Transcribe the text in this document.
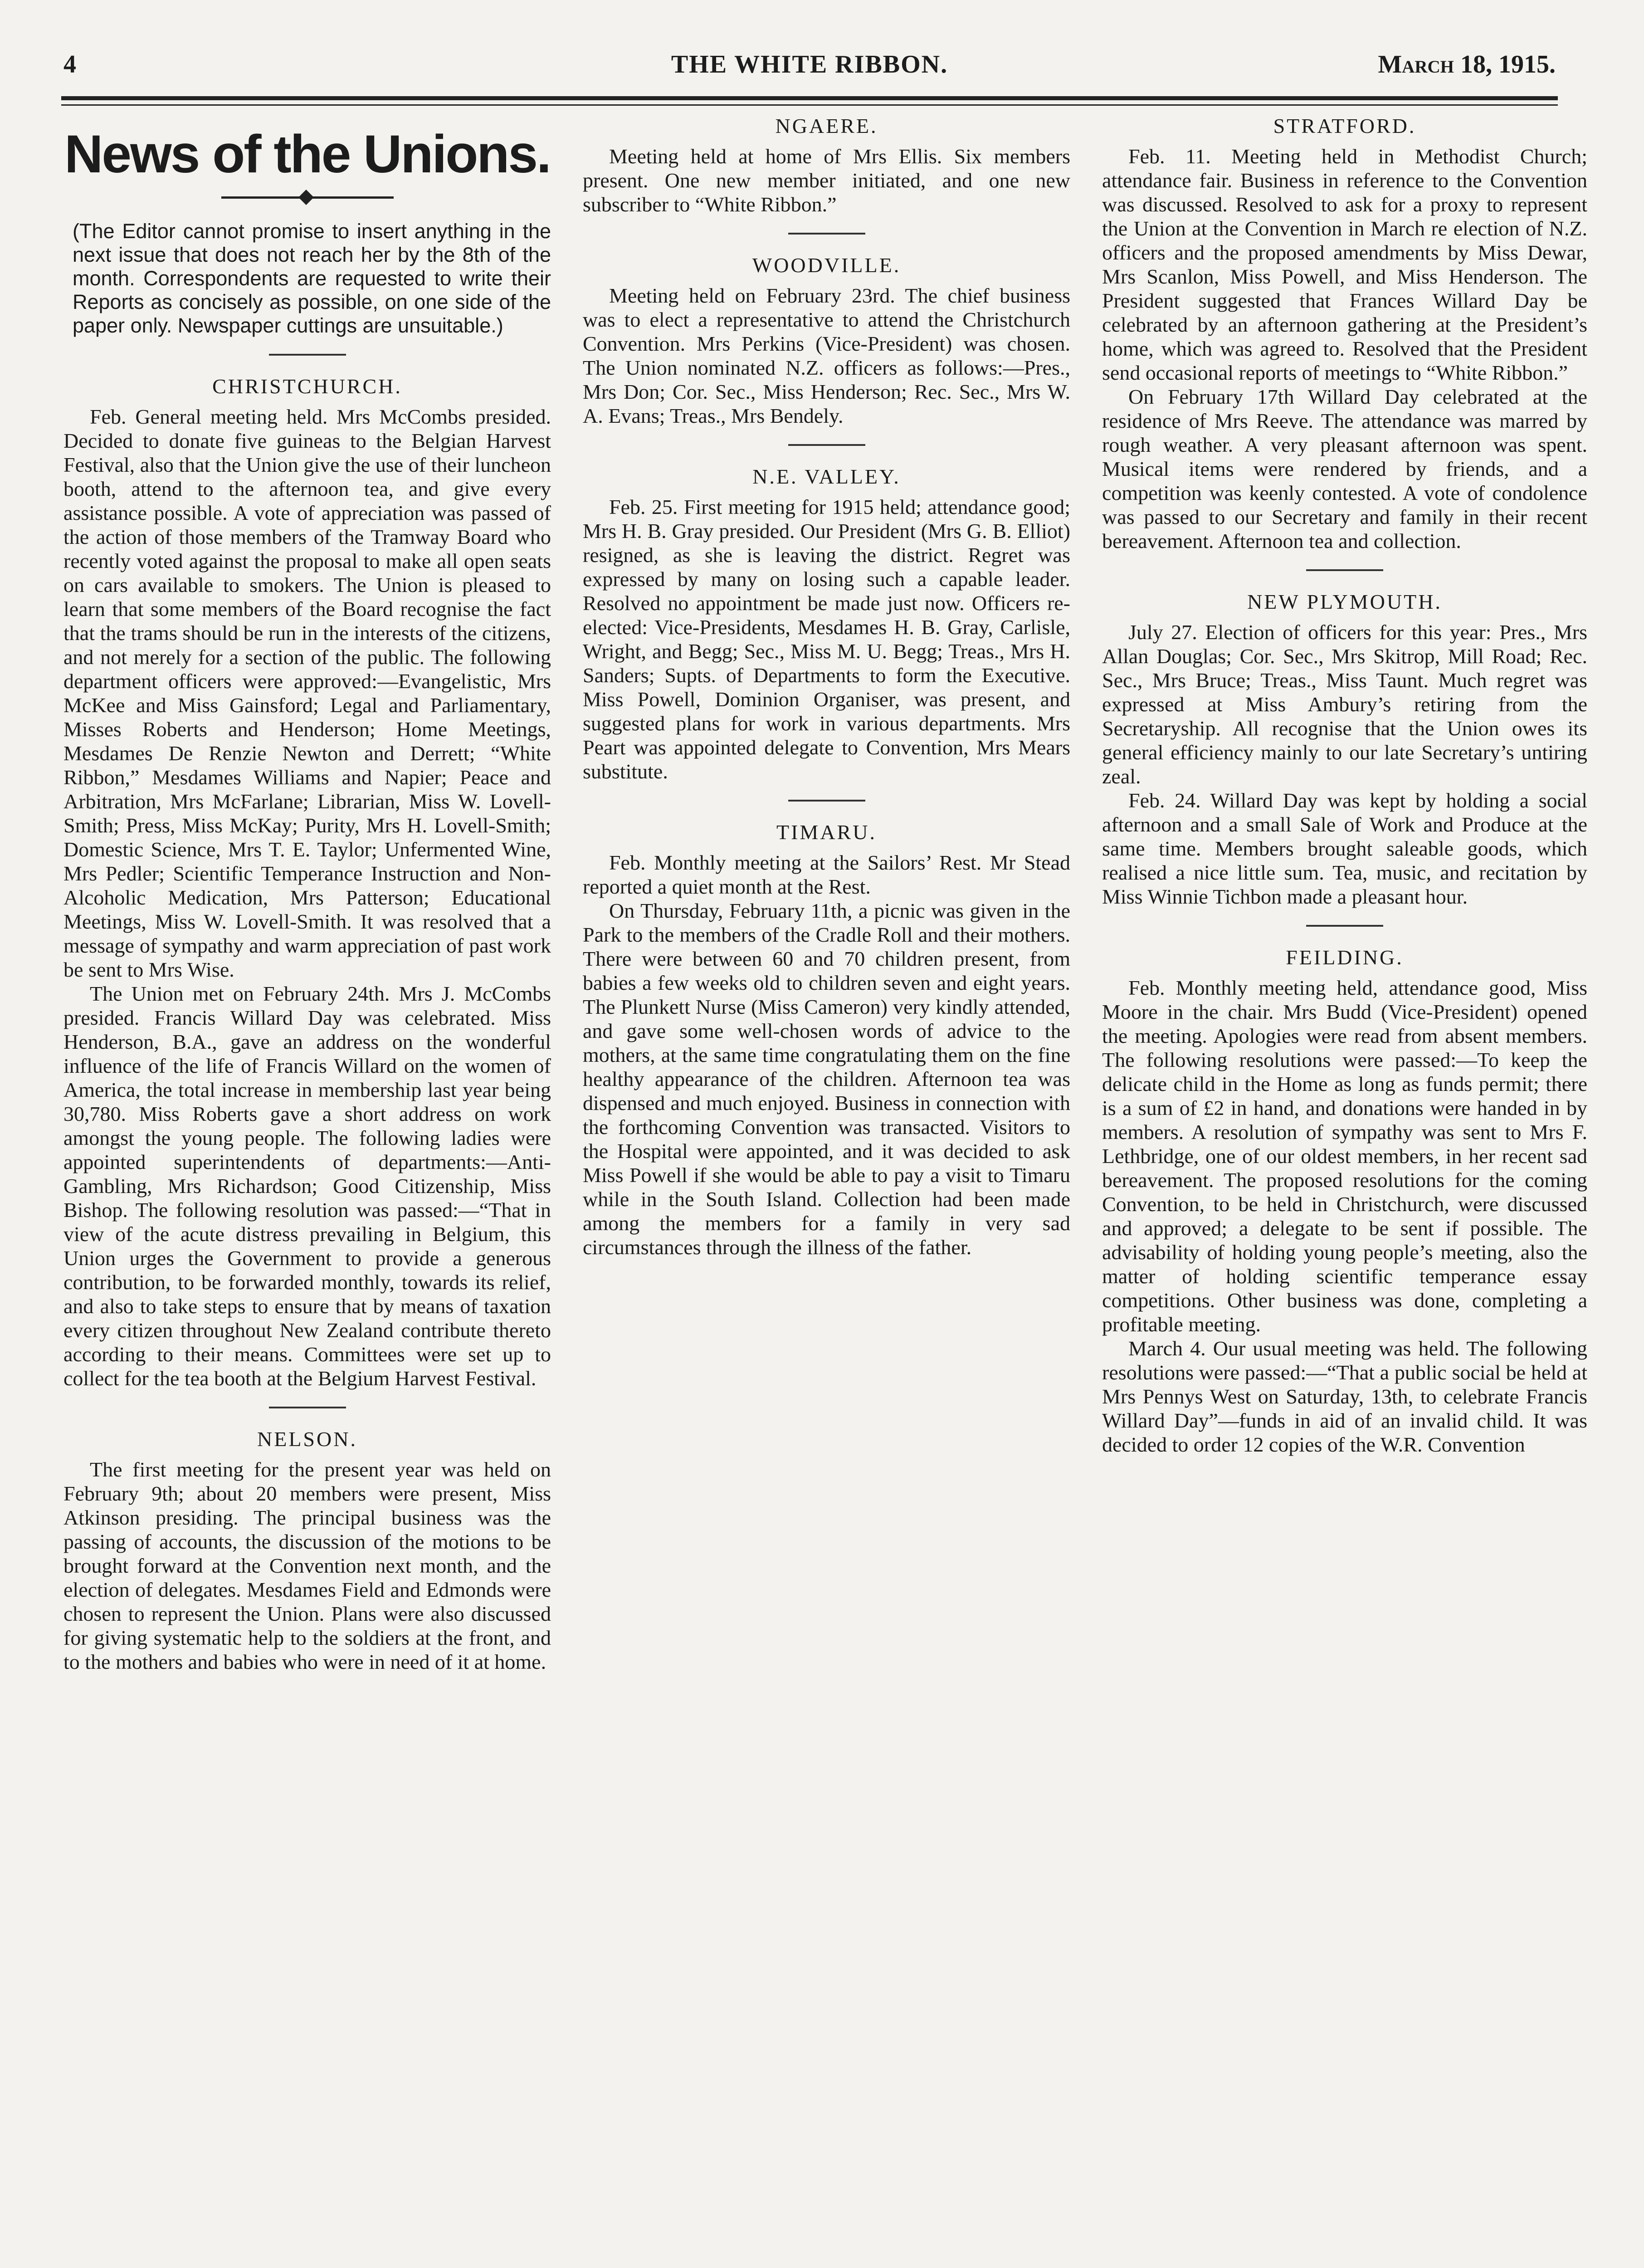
4	THE WHITE RIBBON.	March 18, 1915.
News of the Unions.

(The Editor cannot promise to insert anything in the next issue that does not reach her by the 8th of the month. Correspondents are requested to write their Reports as concisely as possible, on one side of the paper only. Newspaper cuttings are unsuitable.)

CHRISTCHURCH.

Feb. General meeting held. Mrs McCombs presided. Decided to donate five guineas to the Belgian Harvest Festival, also that the Union give the use of their luncheon booth, attend to the afternoon tea, and give every assistance possible. A vote of appreciation was passed of the action of those members of the Tramway Board who recently voted against the proposal to make all open seats on cars available to smokers. The Union is pleased to learn that some members of the Board recognise the fact that the trams should be run in the interests of the citizens, and not merely for a section of the public. The following department officers were approved:—Evangelistic, Mrs McKee and Miss Gainsford; Legal and Parliamentary, Misses Roberts and Henderson; Home Meetings, Mesdames De Renzie Newton and Derrett; “White Ribbon,” Mesdames Williams and Napier; Peace and Arbitration, Mrs McFarlane; Librarian, Miss W. Lovell-Smith; Press, Miss McKay; Purity, Mrs H. Lovell-Smith; Domestic Science, Mrs T. E. Taylor; Unfermented Wine, Mrs Pedler; Scientific Temperance Instruction and Non-Alcoholic Medication, Mrs Patterson; Educational Meetings, Miss W. Lovell-Smith. It was resolved that a message of sympathy and warm appreciation of past work be sent to Mrs Wise.

The Union met on February 24th. Mrs J. McCombs presided. Francis Willard Day was celebrated. Miss Henderson, B.A., gave an address on the wonderful influence of the life of Francis Willard on the women of America, the total increase in membership last year being 30,780. Miss Roberts gave a short address on work amongst the young people. The following ladies were appointed superintendents of departments:—Anti-Gambling, Mrs Richardson; Good Citizenship, Miss Bishop. The following resolution was passed:—“That in view of the acute distress prevailing in Belgium, this Union urges the Government to provide a generous contribution, to be forwarded monthly, towards its relief, and also to take steps to ensure that by means of taxation every citizen throughout New Zealand contribute thereto according to their means. Committees were set up to collect for the tea booth at the Belgium Harvest Festival.

NELSON.

The first meeting for the present year was held on February 9th; about 20 members were present, Miss Atkinson presiding. The principal business was the passing of accounts, the discussion of the motions to be brought forward at the Convention next month, and the election of delegates. Mesdames Field and Edmonds were chosen to represent the Union. Plans were also discussed for giving systematic help to the soldiers at the front, and to the mothers and babies who were in need of it at home.

NGAERE.

Meeting held at home of Mrs Ellis. Six members present. One new member initiated, and one new subscriber to “White Ribbon.”

WOODVILLE.

Meeting held on February 23rd. The chief business was to elect a representative to attend the Christchurch Convention. Mrs Perkins (Vice-President) was chosen. The Union nominated N.Z. officers as follows:—Pres., Mrs Don; Cor. Sec., Miss Henderson; Rec. Sec., Mrs W. A. Evans; Treas., Mrs Bendely.

N.E. VALLEY.

Feb. 25. First meeting for 1915 held; attendance good; Mrs H. B. Gray presided. Our President (Mrs G. B. Elliot) resigned, as she is leaving the district. Regret was expressed by many on losing such a capable leader. Resolved no appointment be made just now. Officers re-elected: Vice-Presidents, Mesdames H. B. Gray, Carlisle, Wright, and Begg; Sec., Miss M. U. Begg; Treas., Mrs H. Sanders; Supts. of Departments to form the Executive. Miss Powell, Dominion Organiser, was present, and suggested plans for work in various departments. Mrs Peart was appointed delegate to Convention, Mrs Mears substitute.

TIMARU.

Feb. Monthly meeting at the Sailors’ Rest. Mr Stead reported a quiet month at the Rest.

On Thursday, February 11th, a picnic was given in the Park to the members of the Cradle Roll and their mothers. There were between 60 and 70 children present, from babies a few weeks old to children seven and eight years. The Plunkett Nurse (Miss Cameron) very kindly attended, and gave some well-chosen words of advice to the mothers, at the same time congratulating them on the fine healthy appearance of the children. Afternoon tea was dispensed and much enjoyed. Business in connection with the forthcoming Convention was transacted. Visitors to the Hospital were appointed, and it was decided to ask Miss Powell if she would be able to pay a visit to Timaru while in the South Island. Collection had been made among the members for a family in very sad circumstances through the illness of the father.

STRATFORD.

Feb. 11. Meeting held in Methodist Church; attendance fair. Business in reference to the Convention was discussed. Resolved to ask for a proxy to represent the Union at the Convention in March re election of N.Z. officers and the proposed amendments by Miss Dewar, Mrs Scanlon, Miss Powell, and Miss Henderson. The President suggested that Frances Willard Day be celebrated by an afternoon gathering at the President’s home, which was agreed to. Resolved that the President send occasional reports of meetings to “White Ribbon.”

On February 17th Willard Day celebrated at the residence of Mrs Reeve. The attendance was marred by rough weather. A very pleasant afternoon was spent. Musical items were rendered by friends, and a competition was keenly contested. A vote of condolence was passed to our Secretary and family in their recent bereavement. Afternoon tea and collection.

NEW PLYMOUTH.

July 27. Election of officers for this year: Pres., Mrs Allan Douglas; Cor. Sec., Mrs Skitrop, Mill Road; Rec. Sec., Mrs Bruce; Treas., Miss Taunt. Much regret was expressed at Miss Ambury’s retiring from the Secretaryship. All recognise that the Union owes its general efficiency mainly to our late Secretary’s untiring zeal.

Feb. 24. Willard Day was kept by holding a social afternoon and a small Sale of Work and Produce at the same time. Members brought saleable goods, which realised a nice little sum. Tea, music, and recitation by Miss Winnie Tichbon made a pleasant hour.

FEILDING.

Feb. Monthly meeting held, attendance good, Miss Moore in the chair. Mrs Budd (Vice-President) opened the meeting. Apologies were read from absent members. The following resolutions were passed:—To keep the delicate child in the Home as long as funds permit; there is a sum of £2 in hand, and donations were handed in by members. A resolution of sympathy was sent to Mrs F. Lethbridge, one of our oldest members, in her recent sad bereavement. The proposed resolutions for the coming Convention, to be held in Christchurch, were discussed and approved; a delegate to be sent if possible. The advisability of holding young people’s meeting, also the matter of holding scientific temperance essay competitions. Other business was done, completing a profitable meeting.

March 4. Our usual meeting was held. The following resolutions were passed:—“That a public social be held at Mrs Pennys West on Saturday, 13th, to celebrate Francis Willard Day”—funds in aid of an invalid child. It was decided to order 12 copies of the W.R. Convention
